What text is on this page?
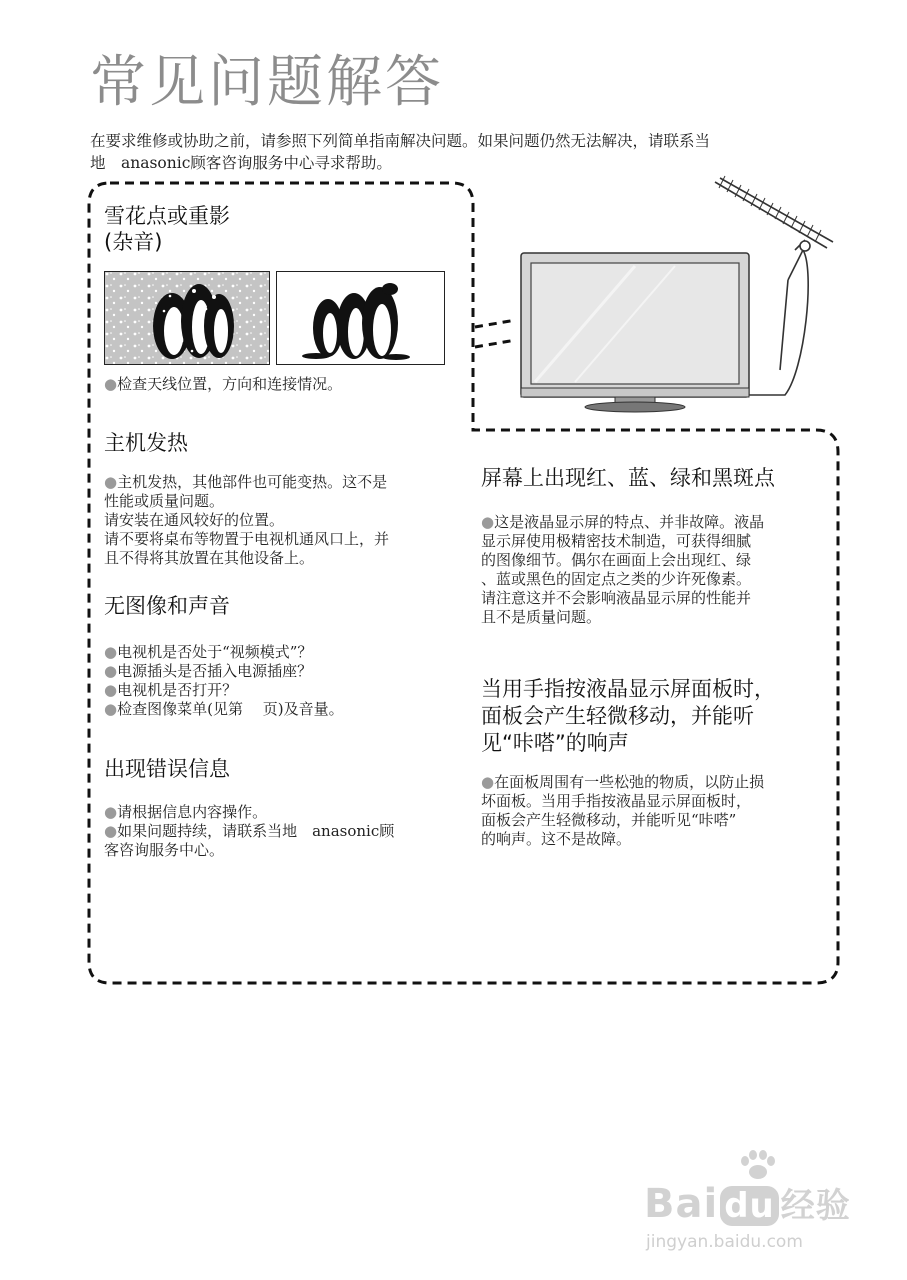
常见问题解答
在要求维修或协助之前，请参照下列简单指南解决问题。如果问题仍然无法解决，请联系当
地　anasonic顾客咨询服务中心寻求帮助。
雪花点或重影
(杂音)
●检查天线位置，方向和连接情况。
主机发热
●主机发热，其他部件也可能变热。这不是
性能或质量问题。
请安装在通风较好的位置。
请不要将桌布等物置于电视机通风口上，并
且不得将其放置在其他设备上。
无图像和声音
●电视机是否处于“视频模式”？
●电源插头是否插入电源插座？
●电视机是否打开？
●检查图像菜单(见第　 页)及音量。
出现错误信息
●请根据信息内容操作。
●如果问题持续，请联系当地　anasonic顾
客咨询服务中心。
屏幕上出现红、蓝、绿和黑斑点
●这是液晶显示屏的特点、并非故障。液晶
显示屏使用极精密技术制造，可获得细腻
的图像细节。偶尔在画面上会出现红、绿
、蓝或黑色的固定点之类的少许死像素。
请注意这并不会影响液晶显示屏的性能并
且不是质量问题。
当用手指按液晶显示屏面板时，
面板会产生轻微移动，并能听
见“咔嗒”的响声
●在面板周围有一些松弛的物质，以防止损
坏面板。当用手指按液晶显示屏面板时，
面板会产生轻微移动，并能听见“咔嗒”
的响声。这不是故障。
Bai du 经验
jingyan.baidu.com
